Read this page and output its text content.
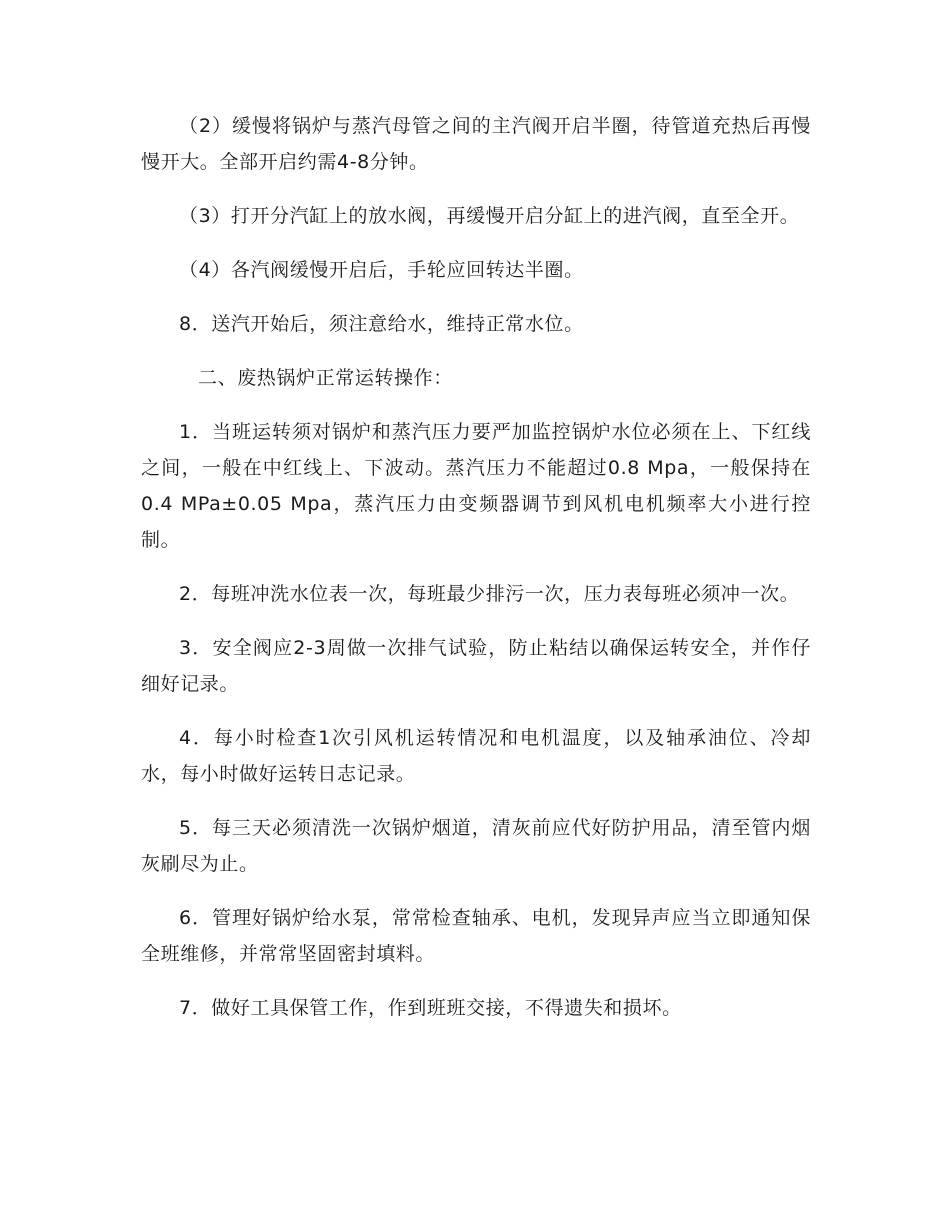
（2）缓慢将锅炉与蒸汽母管之间的主汽阀开启半圈，待管道充热后再慢慢开大。全部开启约需4-8分钟。

（3）打开分汽缸上的放水阀，再缓慢开启分缸上的进汽阀，直至全开。

（4）各汽阀缓慢开启后，手轮应回转达半圈。

8．送汽开始后，须注意给水，维持正常水位。

二、废热锅炉正常运转操作：

1．当班运转须对锅炉和蒸汽压力要严加监控锅炉水位必须在上、下红线之间，一般在中红线上、下波动。蒸汽压力不能超过0.8 Mpa，一般保持在0.4 MPa±0.05 Mpa，蒸汽压力由变频器调节到风机电机频率大小进行控制。

2．每班冲洗水位表一次，每班最少排污一次，压力表每班必须冲一次。

3．安全阀应2-3周做一次排气试验，防止粘结以确保运转安全，并作仔细好记录。

4．每小时检查1次引风机运转情况和电机温度，以及轴承油位、冷却水，每小时做好运转日志记录。

5．每三天必须清洗一次锅炉烟道，清灰前应代好防护用品，清至管内烟灰刷尽为止。

6．管理好锅炉给水泵，常常检查轴承、电机，发现异声应当立即通知保全班维修，并常常坚固密封填料。

7．做好工具保管工作，作到班班交接，不得遗失和损坏。
